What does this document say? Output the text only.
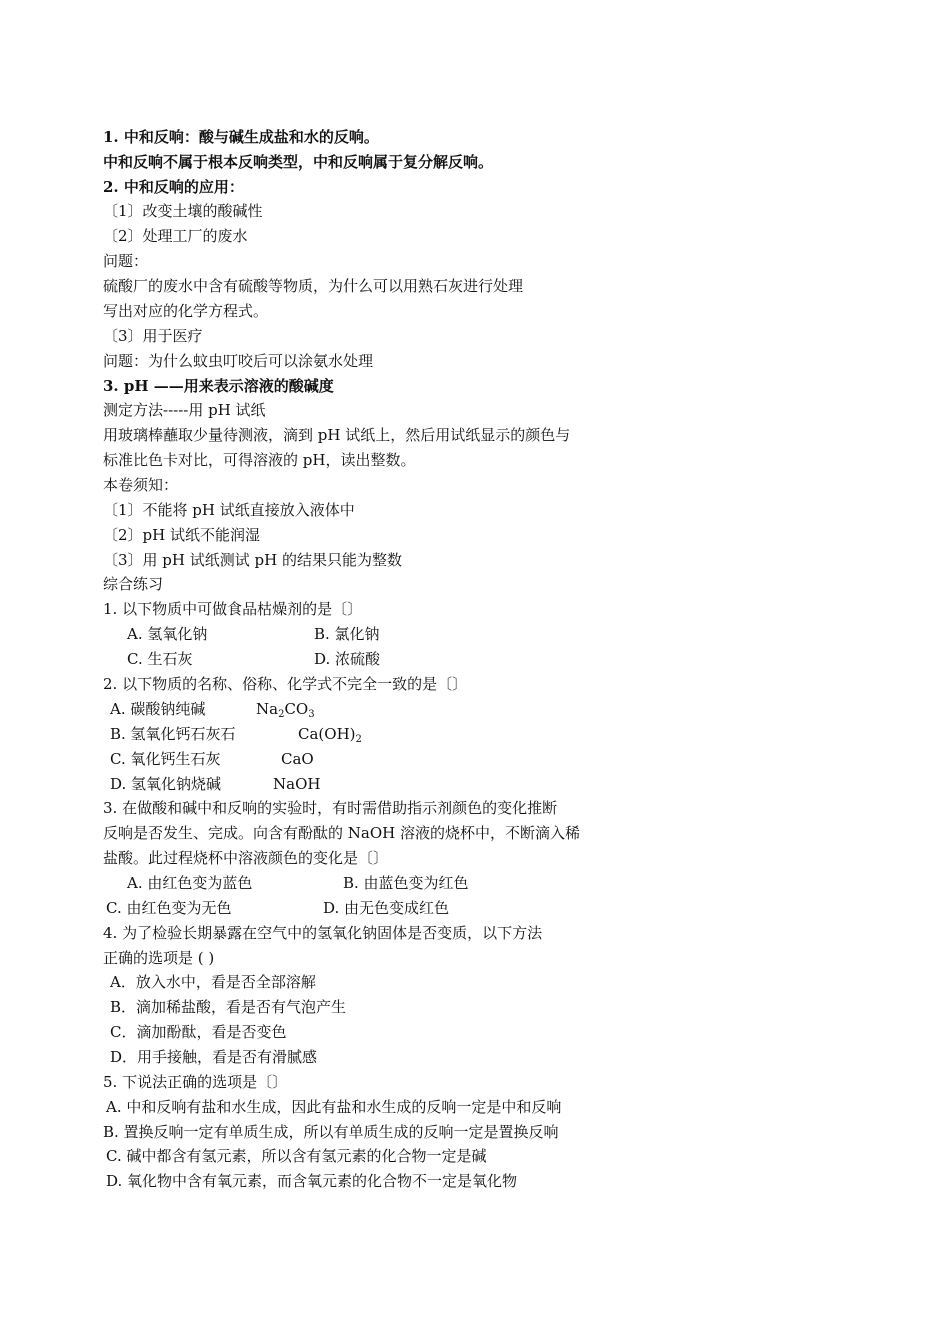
1. 中和反响：酸与碱生成盐和水的反响。
中和反响不属于根本反响类型，中和反响属于复分解反响。
2. 中和反响的应用：
〔1〕改变土壤的酸碱性
〔2〕处理工厂的废水
问题：
硫酸厂的废水中含有硫酸等物质，为什么可以用熟石灰进行处理
写出对应的化学方程式。
〔3〕用于医疗
问题：为什么蚊虫叮咬后可以涂氨水处理
3. pH ——用来表示溶液的酸碱度
测定方法-----用 pH 试纸
用玻璃棒蘸取少量待测液，滴到 pH 试纸上，然后用试纸显示的颜色与
标准比色卡对比，可得溶液的 pH，读出整数。
本卷须知：
〔1〕不能将 pH 试纸直接放入液体中
〔2〕pH 试纸不能润湿
〔3〕用 pH 试纸测试 pH 的结果只能为整数
综合练习
1. 以下物质中可做食品枯燥剂的是〔〕
A. 氢氧化钠	B. 氯化钠
C. 生石灰	D. 浓硫酸
2. 以下物质的名称、俗称、化学式不完全一致的是〔〕
A. 碳酸钠纯碱	$Na_2CO_3$
B. 氢氧化钙石灰石	$Ca(OH)_2$
C. 氧化钙生石灰	CaO
D. 氢氧化钠烧碱	NaOH
3. 在做酸和碱中和反响的实验时，有时需借助指示剂颜色的变化推断
反响是否发生、完成。向含有酚酞的 NaOH 溶液的烧杯中，不断滴入稀
盐酸。此过程烧杯中溶液颜色的变化是〔〕
A. 由红色变为蓝色	B. 由蓝色变为红色
C. 由红色变为无色	D. 由无色变成红色
4. 为了检验长期暴露在空气中的氢氧化钠固体是否变质，以下方法
正确的选项是 ( )
A．放入水中，看是否全部溶解
B．滴加稀盐酸，看是否有气泡产生
C．滴加酚酞，看是否变色
D．用手接触，看是否有滑腻感
5. 下说法正确的选项是〔〕
A. 中和反响有盐和水生成，因此有盐和水生成的反响一定是中和反响
B. 置换反响一定有单质生成，所以有单质生成的反响一定是置换反响
C. 碱中都含有氢元素，所以含有氢元素的化合物一定是碱
D. 氧化物中含有氧元素，而含氧元素的化合物不一定是氧化物
